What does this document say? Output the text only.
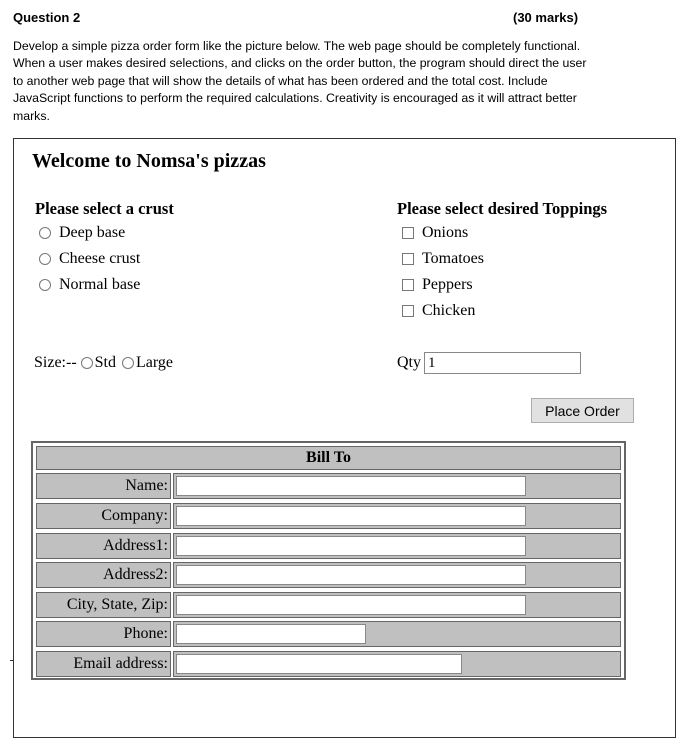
Question 2	(30 marks)
Develop a simple pizza order form like the picture below. The web page should be completely functional.
When a user makes desired selections, and clicks on the order button, the program should direct the user
to another web page that will show the details of what has been ordered and the total cost. Include
JavaScript functions to perform the required calculations. Creativity is encouraged as it will attract better
marks.
Welcome to Nomsa's pizzas
Please select a crust
Deep base
Cheese crust
Normal base
Please select desired Toppings
Onions
Tomatoes
Peppers
Chicken
Size:-- Std Large	Qty 1
Place Order
Bill To
Name:
Company:
Address1:
Address2:
City, State, Zip:
Phone:
Email address:
